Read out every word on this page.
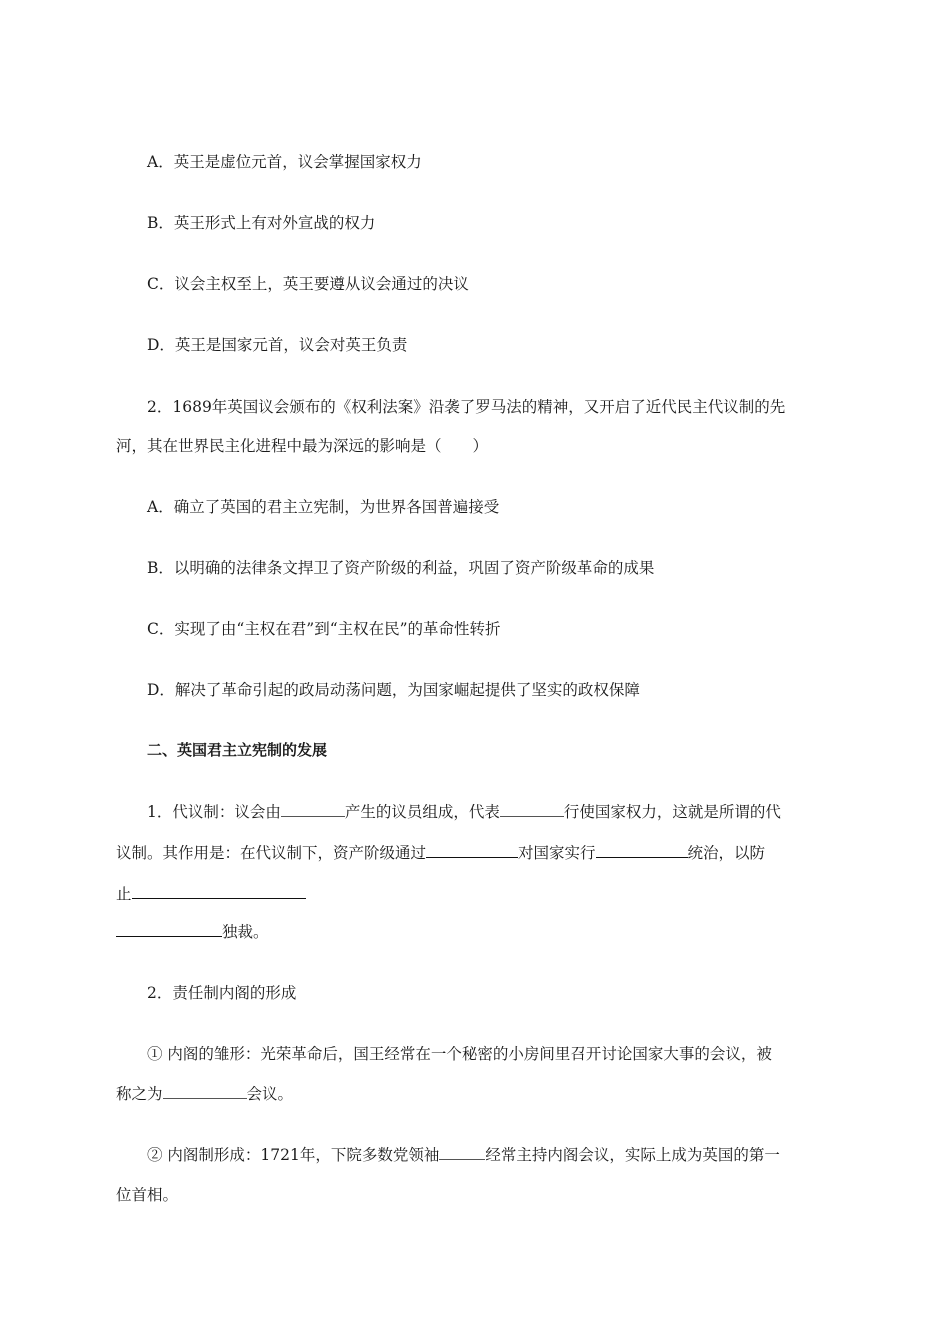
A．英王是虚位元首，议会掌握国家权力
B．英王形式上有对外宣战的权力
C．议会主权至上，英王要遵从议会通过的决议
D．英王是国家元首，议会对英王负责
2．1689年英国议会颁布的《权利法案》沿袭了罗马法的精神，又开启了近代民主代议制的先
河，其在世界民主化进程中最为深远的影响是（　　）
A．确立了英国的君主立宪制，为世界各国普遍接受
B．以明确的法律条文捍卫了资产阶级的利益，巩固了资产阶级革命的成果
C．实现了由“主权在君”到“主权在民”的革命性转折
D．解决了革命引起的政局动荡问题，为国家崛起提供了坚实的政权保障
二、英国君主立宪制的发展
1．代议制：议会由	产生的议员组成，代表	行使国家权力，这就是所谓的代
议制。其作用是：在代议制下，资产阶级通过	对国家实行	统治，以防
止
独裁。
2．责任制内阁的形成
① 内阁的雏形：光荣革命后，国王经常在一个秘密的小房间里召开讨论国家大事的会议，被
称之为	会议。
② 内阁制形成：1721年，下院多数党领袖	经常主持内阁会议，实际上成为英国的第一
位首相。
